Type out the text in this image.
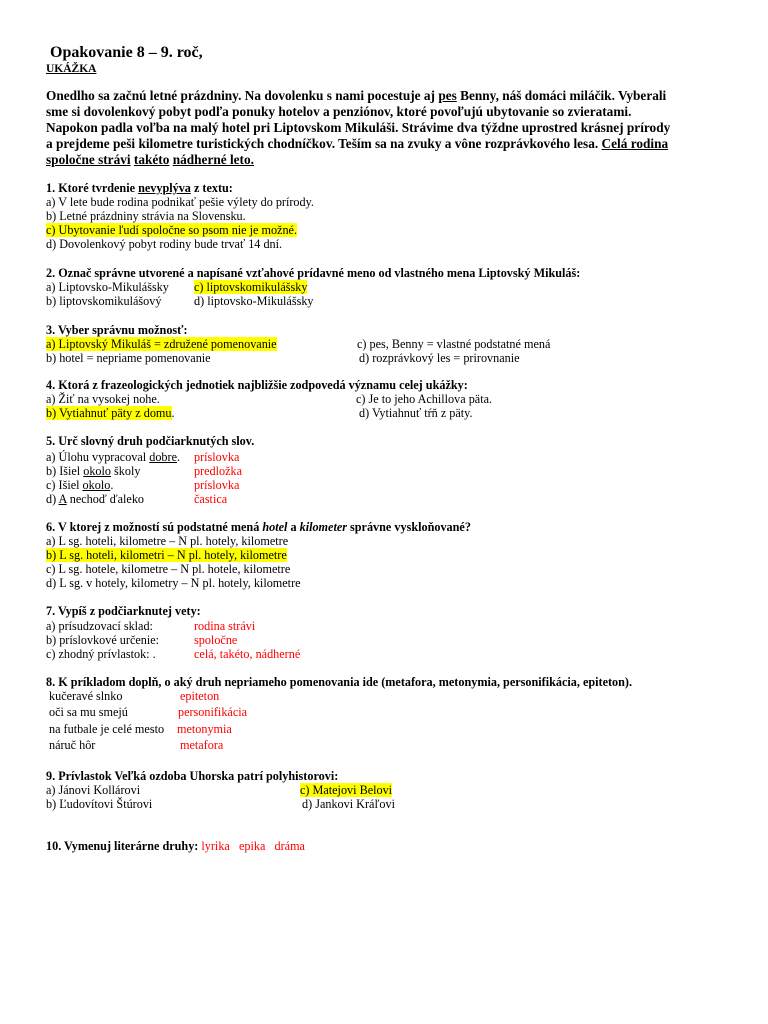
Opakovanie 8 – 9. roč,
UKÁŽKA
Onedlho sa začnú letné prázdniny. Na dovolenku s nami pocestuje aj pes Benny, náš domáci miláčik. Vyberali
sme si dovolenkový pobyt podľa ponuky hotelov a penziónov, ktoré povoľujú ubytovanie so zvieratami.
Napokon padla voľba na malý hotel pri Liptovskom Mikuláši. Strávime dva týždne uprostred krásnej prírody
a prejdeme peši kilometre turistických chodníčkov. Teším sa na zvuky a vône rozprávkového lesa. Celá rodina
spoločne strávi takéto nádherné leto.
1. Ktoré tvrdenie nevyplýva z textu:
a) V lete bude rodina podnikať pešie výlety do prírody.
b) Letné prázdniny strávia na Slovensku.
c) Ubytovanie ľudí spoločne so psom nie je možné.
d) Dovolenkový pobyt rodiny bude trvať 14 dní.
2. Označ správne utvorené a napísané vzťahové prídavné meno od vlastného mena Liptovský Mikuláš:
a) Liptovsko-Mikulášsky c) liptovskomikulášsky
b) liptovskomikulášový	d) liptovsko-Mikulášsky
3. Vyber správnu možnosť:
a) Liptovský Mikuláš = združené pomenovanie	c) pes, Benny = vlastné podstatné mená
b) hotel = nepriame pomenovanie	d) rozprávkový les = prirovnanie
4. Ktorá z frazeologických jednotiek najbližšie zodpovedá významu celej ukážky:
a) Žiť na vysokej nohe.	c) Je to jeho Achillova päta.
b) Vytiahnuť päty z domu.	d) Vytiahnuť tŕň z päty.
5. Urč slovný druh podčiarknutých slov.
a) Úlohu vypracoval dobre. príslovka
b) Išiel okolo školy	predložka
c) Išiel okolo.	príslovka
d) A nechoď ďaleko	častica
6. V ktorej z možností sú podstatné mená hotel a kilometer správne vyskloňované?
a) L sg. hoteli, kilometre – N pl. hotely, kilometre
b) L sg. hoteli, kilometri – N pl. hotely, kilometre
c) L sg. hotele, kilometre – N pl. hotele, kilometre
d) L sg. v hotely, kilometry – N pl. hotely, kilometre
7. Vypíš z podčiarknutej vety:
a) prísudzovací sklad:	rodina strávi
b) príslovkové určenie:	spoločne
c) zhodný prívlastok: .	celá, takéto, nádherné
8. K príkladom doplň, o aký druh nepriameho pomenovania ide (metafora, metonymia, personifikácia, epiteton).
kučeravé slnko	epiteton
oči sa mu smejú	personifikácia
na futbale je celé mesto metonymia
náruč hôr	metafora
9. Prívlastok Veľká ozdoba Uhorska patrí polyhistorovi:
a) Jánovi Kollárovi	c) Matejovi Belovi
b) Ľudovítovi Štúrovi	d) Jankovi Kráľovi
10. Vymenuj literárne druhy: lyrika epika dráma
